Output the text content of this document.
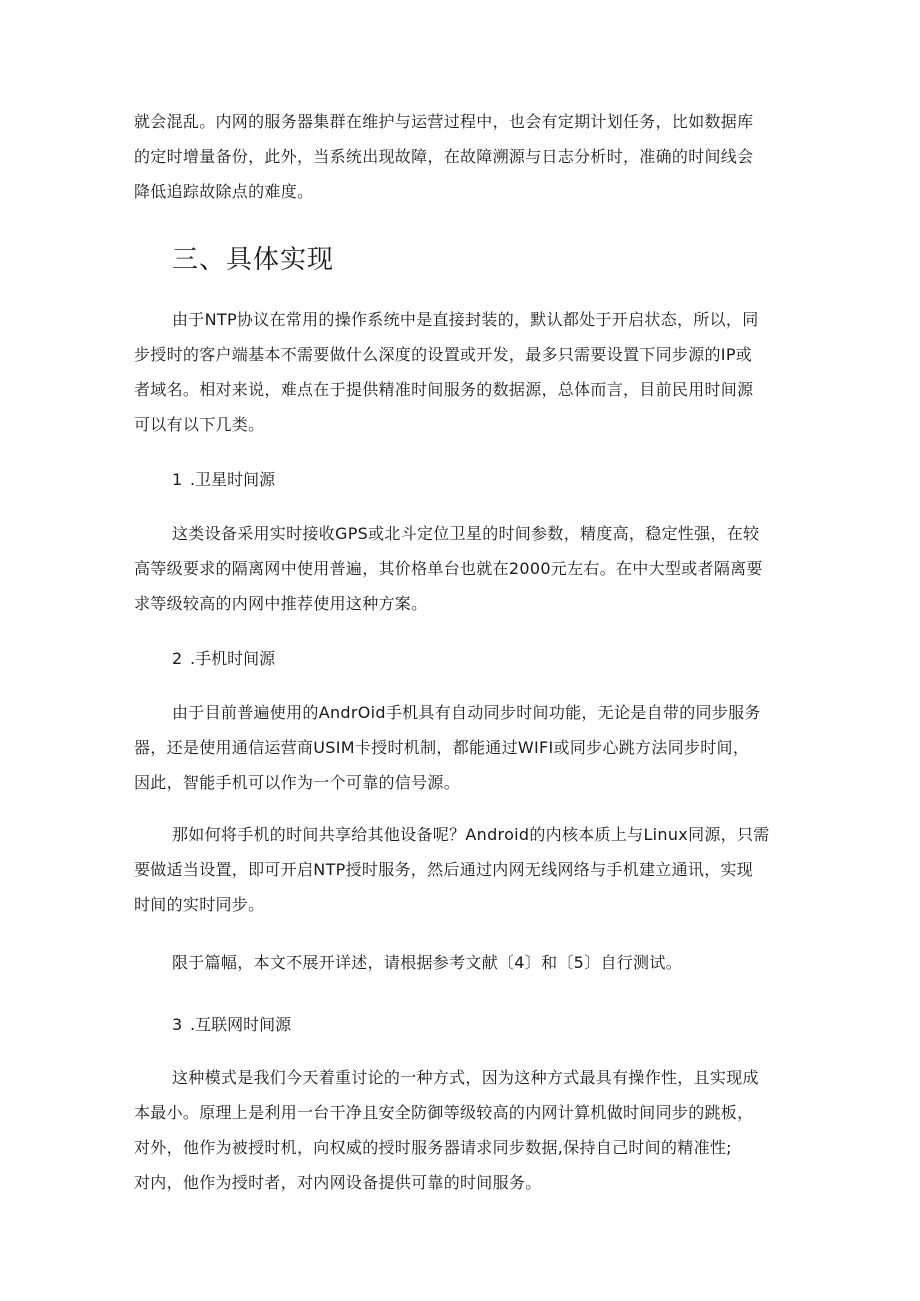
就会混乱。内网的服务器集群在维护与运营过程中，也会有定期计划任务，比如数据库
的定时增量备份，此外，当系统出现故障，在故障溯源与日志分析时，准确的时间线会
降低追踪故除点的难度。

三、具体实现

由于NTP协议在常用的操作系统中是直接封装的，默认都处于开启状态，所以，同
步授时的客户端基本不需要做什么深度的设置或开发，最多只需要设置下同步源的IP或
者域名。相对来说，难点在于提供精准时间服务的数据源，总体而言，目前民用时间源
可以有以下几类。

1 .卫星时间源

这类设备采用实时接收GPS或北斗定位卫星的时间参数，精度高，稳定性强，在较
高等级要求的隔离网中使用普遍，其价格单台也就在2000元左右。在中大型或者隔离要
求等级较高的内网中推荐使用这种方案。

2 .手机时间源

由于目前普遍使用的AndrOid手机具有自动同步时间功能，无论是自带的同步服务
器，还是使用通信运营商USIM卡授时机制，都能通过WIFI或同步心跳方法同步时间，
因此，智能手机可以作为一个可靠的信号源。

那如何将手机的时间共享给其他设备呢？Android的内核本质上与Linux同源，只需
要做适当设置，即可开启NTP授时服务，然后通过内网无线网络与手机建立通讯，实现
时间的实时同步。

限于篇幅，本文不展开详述，请根据参考文献〔4〕和〔5〕自行测试。

3 .互联网时间源

这种模式是我们今天着重讨论的一种方式，因为这种方式最具有操作性，且实现成
本最小。原理上是利用一台干净且安全防御等级较高的内网计算机做时间同步的跳板，
对外，他作为被授时机，向权威的授时服务器请求同步数据,保持自己时间的精准性;
对内，他作为授时者，对内网设备提供可靠的时间服务。
